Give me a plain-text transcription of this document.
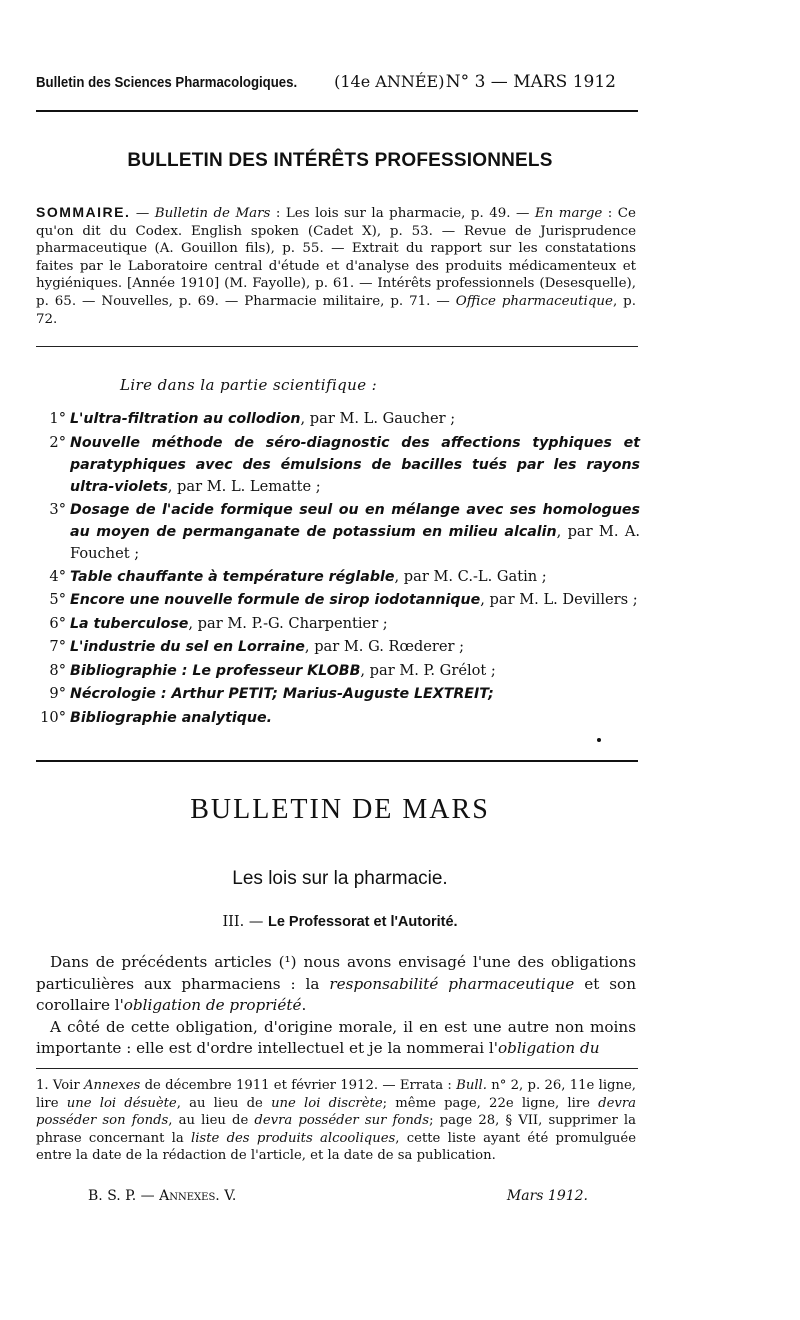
Bulletin des Sciences Pharmacologiques. (14e ANNÉE) N° 3 — MARS 1912
BULLETIN DES INTÉRÊTS PROFESSIONNELS
SOMMAIRE. — Bulletin de Mars : Les lois sur la pharmacie, p. 49. — En marge : Ce qu'on dit du Codex. English spoken (Cadet X), p. 53. — Revue de Jurisprudence pharmaceutique (A. Gouillon fils), p. 55. — Extrait du rapport sur les constatations faites par le Laboratoire central d'étude et d'analyse des produits médicamenteux et hygiéniques. [Année 1910] (M. Fayolle), p. 61. — Intérêts professionnels (Desesquelle), p. 65. — Nouvelles, p. 69. — Pharmacie militaire, p. 71. — Office pharmaceutique, p. 72.
Lire dans la partie scientifique :
1° L'ultra-filtration au collodion, par M. L. Gaucher ;
2° Nouvelle méthode de séro-diagnostic des affections typhiques et paratyphiques avec des émulsions de bacilles tués par les rayons ultra-violets, par M. L. Lematte ;
3° Dosage de l'acide formique seul ou en mélange avec ses homologues au moyen de permanganate de potassium en milieu alcalin, par M. A. Fouchet ;
4° Table chauffante à température réglable, par M. C.-L. Gatin ;
5° Encore une nouvelle formule de sirop iodotannique, par M. L. Devillers ;
6° La tuberculose, par M. P.-G. Charpentier ;
7° L'industrie du sel en Lorraine, par M. G. Rœderer ;
8° Bibliographie : Le professeur KLOBB, par M. P. Grélot ;
9° Nécrologie : Arthur PETIT; Marius-Auguste LEXTREIT;
10° Bibliographie analytique.
BULLETIN DE MARS
Les lois sur la pharmacie.
III. — Le Professorat et l'Autorité.

Dans de précédents articles (¹) nous avons envisagé l'une des obligations particulières aux pharmaciens : la responsabilité pharmaceutique et son corollaire l'obligation de propriété.

A côté de cette obligation, d'origine morale, il en est une autre non moins importante : elle est d'ordre intellectuel et je la nommerai l'obligation du

1. Voir Annexes de décembre 1911 et février 1912. — Errata : Bull. n° 2, p. 26, 11e ligne, lire une loi désuète, au lieu de une loi discrète; même page, 22e ligne, lire devra posséder son fonds, au lieu de devra posséder sur fonds; page 28, § VII, supprimer la phrase concernant la liste des produits alcooliques, cette liste ayant été promulguée entre la date de la rédaction de l'article, et la date de sa publication.
B. S. P. — Annexes. V.	Mars 1912.
